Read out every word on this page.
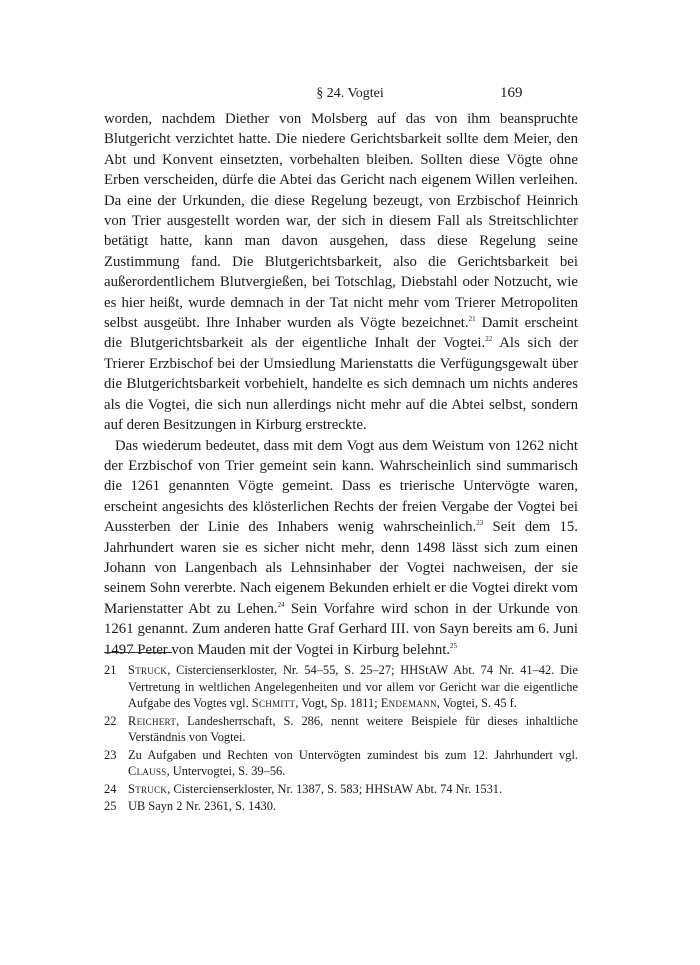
§ 24. Vogtei	169

worden, nachdem Diether von Molsberg auf das von ihm beanspruchte Blutgericht verzichtet hatte. Die niedere Gerichtsbarkeit sollte dem Meier, den Abt und Konvent einsetzten, vorbehalten bleiben. Sollten diese Vögte ohne Erben verscheiden, dürfe die Abtei das Gericht nach eigenem Willen verleihen. Da eine der Urkunden, die diese Regelung bezeugt, von Erzbischof Heinrich von Trier ausgestellt worden war, der sich in diesem Fall als Streitschlichter betätigt hatte, kann man davon ausgehen, dass diese Regelung seine Zustimmung fand. Die Blutgerichtsbarkeit, also die Gerichtsbarkeit bei außerordentlichem Blutvergießen, bei Totschlag, Diebstahl oder Notzucht, wie es hier heißt, wurde demnach in der Tat nicht mehr vom Trierer Metropoliten selbst ausgeübt. Ihre Inhaber wurden als Vögte bezeichnet.$^{21}$ Damit erscheint die Blutgerichtsbarkeit als der eigentliche Inhalt der Vogtei.$^{22}$ Als sich der Trierer Erzbischof bei der Umsiedlung Marienstatts die Verfügungsgewalt über die Blutgerichtsbarkeit vorbehielt, handelte es sich demnach um nichts anderes als die Vogtei, die sich nun allerdings nicht mehr auf die Abtei selbst, sondern auf deren Besitzungen in Kirburg erstreckte.

Das wiederum bedeutet, dass mit dem Vogt aus dem Weistum von 1262 nicht der Erzbischof von Trier gemeint sein kann. Wahrscheinlich sind summarisch die 1261 genannten Vögte gemeint. Dass es trierische Untervögte waren, erscheint angesichts des klösterlichen Rechts der freien Vergabe der Vogtei bei Aussterben der Linie des Inhabers wenig wahrscheinlich.$^{23}$ Seit dem 15. Jahrhundert waren sie es sicher nicht mehr, denn 1498 lässt sich zum einen Johann von Langenbach als Lehnsinhaber der Vogtei nachweisen, der sie seinem Sohn vererbte. Nach eigenem Bekunden erhielt er die Vogtei direkt vom Marienstatter Abt zu Lehen.$^{24}$ Sein Vorfahre wird schon in der Urkunde von 1261 genannt. Zum anderen hatte Graf Gerhard III. von Sayn bereits am 6. Juni 1497 Peter von Mauden mit der Vogtei in Kirburg belehnt.$^{25}$

21 Struck, Cistercienserkloster, Nr. 54–55, S. 25–27; HHStAW Abt. 74 Nr. 41–42. Die Vertretung in weltlichen Angelegenheiten und vor allem vor Gericht war die eigentliche Aufgabe des Vogtes vgl. Schmitt, Vogt, Sp. 1811; Endemann, Vogtei, S. 45 f.
22 Reichert, Landesherrschaft, S. 286, nennt weitere Beispiele für dieses inhaltliche Verständnis von Vogtei.
23 Zu Aufgaben und Rechten von Untervögten zumindest bis zum 12. Jahrhundert vgl. Clauss, Untervogtei, S. 39–56.
24 Struck, Cistercienserkloster, Nr. 1387, S. 583; HHStAW Abt. 74 Nr. 1531.
25 UB Sayn 2 Nr. 2361, S. 1430.
